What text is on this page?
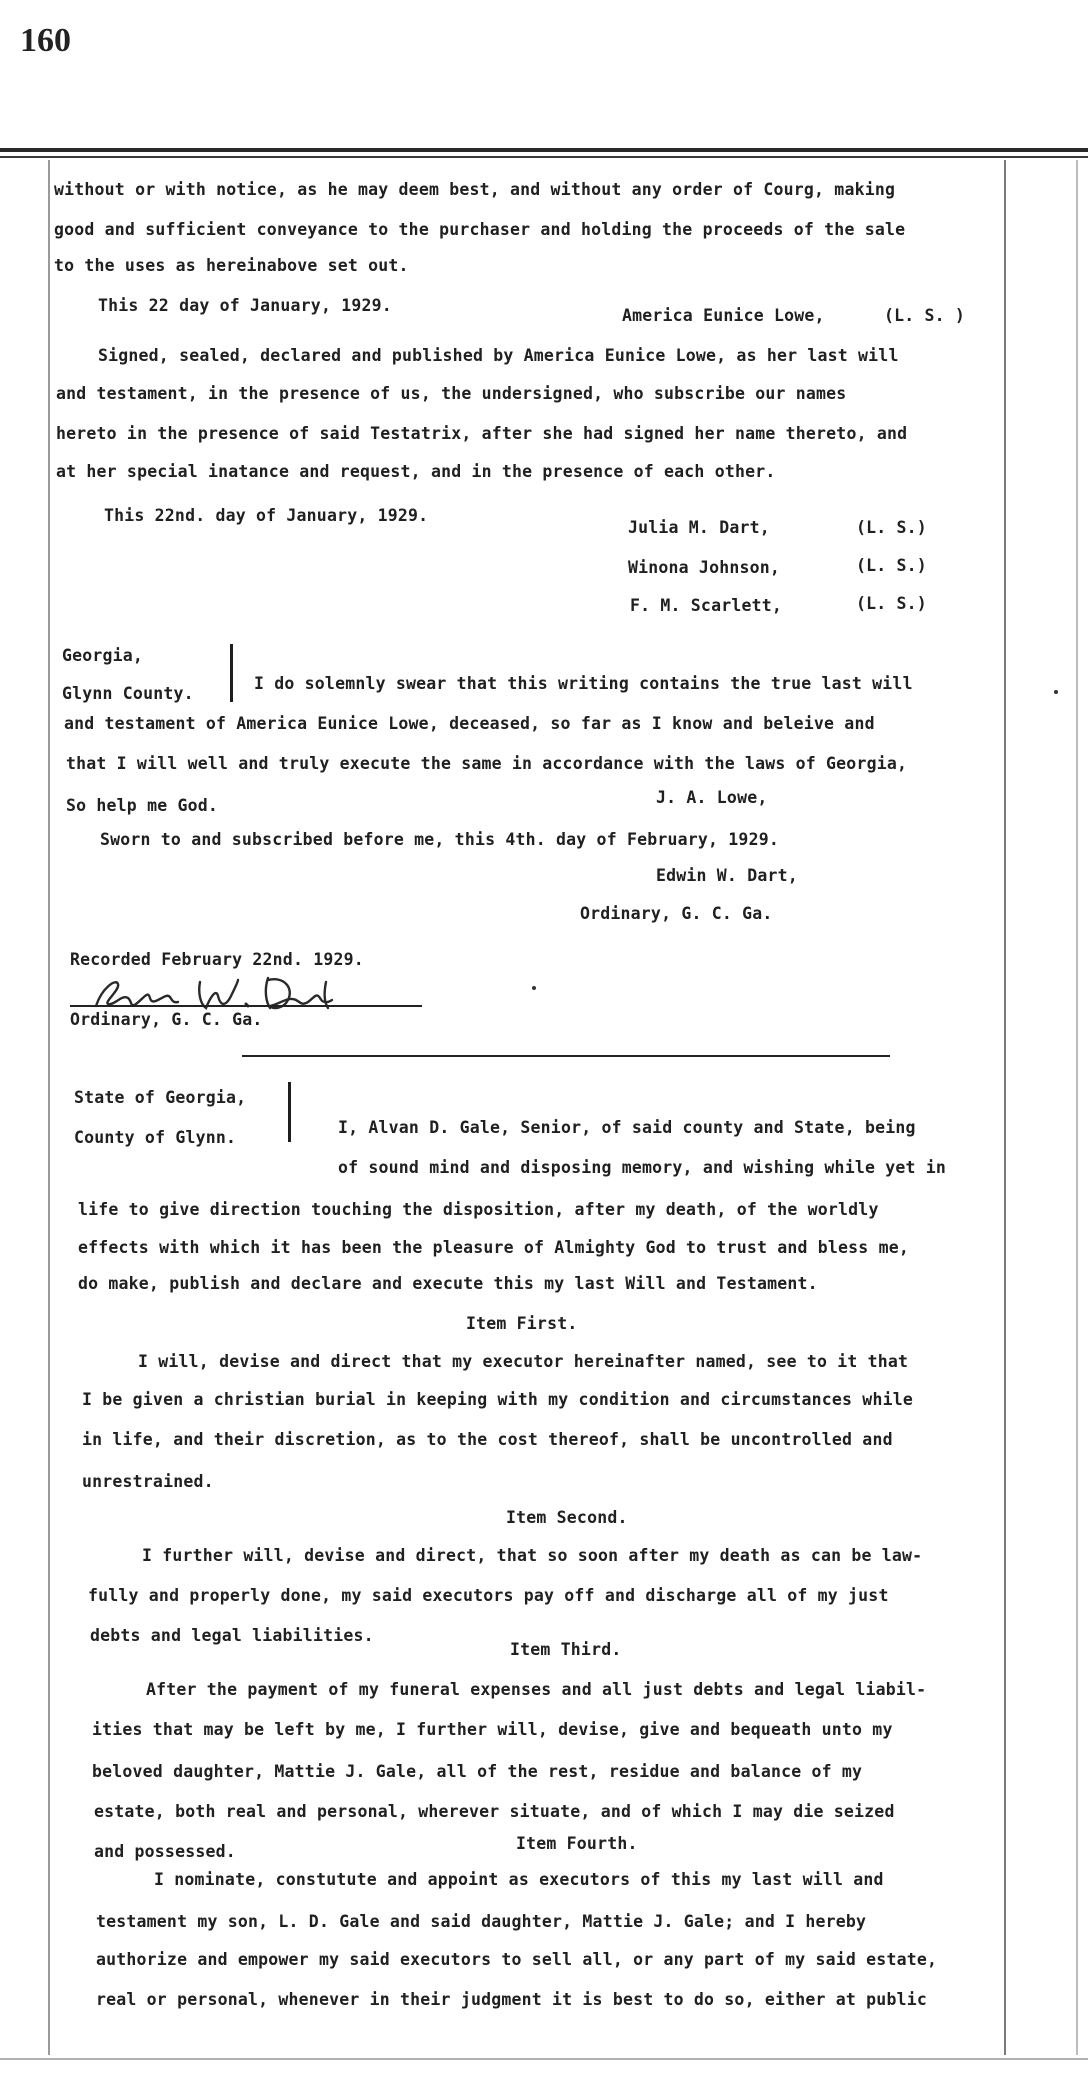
160
without or with notice, as he may deem best, and without any order of Courg, making
good and sufficient conveyance to the purchaser and holding the proceeds of the sale
to the uses as hereinabove set out.
This 22 day of January, 1929.
America Eunice Lowe,	(L. S. )
Signed, sealed, declared and published by America Eunice Lowe, as her last will
and testament, in the presence of us, the undersigned, who subscribe our names
hereto in the presence of said Testatrix, after she had signed her name thereto, and
at her special inatance and request, and in the presence of each other.
This 22nd. day of January, 1929.
Julia M. Dart,	(L. S.)
Winona Johnson,	(L. S.)
F. M. Scarlett,	(L. S.)
Georgia,
Glynn County.
I do solemnly swear that this writing contains the true last will
and testament of America Eunice Lowe, deceased, so far as I know and beleive and
that I will well and truly execute the same in accordance with the laws of Georgia,
So help me God.	J. A. Lowe,
Sworn to and subscribed before me, this 4th. day of February, 1929.
Edwin W. Dart,
Ordinary, G. C. Ga.
Recorded February 22nd. 1929.
Ordinary, G. C. Ga.
State of Georgia,
County of Glynn.
I, Alvan D. Gale, Senior, of said county and State, being
of sound mind and disposing memory, and wishing while yet in
life to give direction touching the disposition, after my death, of the worldly
effects with which it has been the pleasure of Almighty God to trust and bless me,
do make, publish and declare and execute this my last Will and Testament.
Item First.
I will, devise and direct that my executor hereinafter named, see to it that
I be given a christian burial in keeping with my condition and circumstances while
in life, and their discretion, as to the cost thereof, shall be uncontrolled and
unrestrained.
Item Second.
I further will, devise and direct, that so soon after my death as can be law-
fully and properly done, my said executors pay off and discharge all of my just
debts and legal liabilities.
Item Third.
After the payment of my funeral expenses and all just debts and legal liabil-
ities that may be left by me, I further will, devise, give and bequeath unto my
beloved daughter, Mattie J. Gale, all of the rest, residue and balance of my
estate, both real and personal, wherever situate, and of which I may die seized
and possessed.	Item Fourth.
I nominate, constutute and appoint as executors of this my last will and
testament my son, L. D. Gale and said daughter, Mattie J. Gale; and I hereby
authorize and empower my said executors to sell all, or any part of my said estate,
real or personal, whenever in their judgment it is best to do so, either at public
